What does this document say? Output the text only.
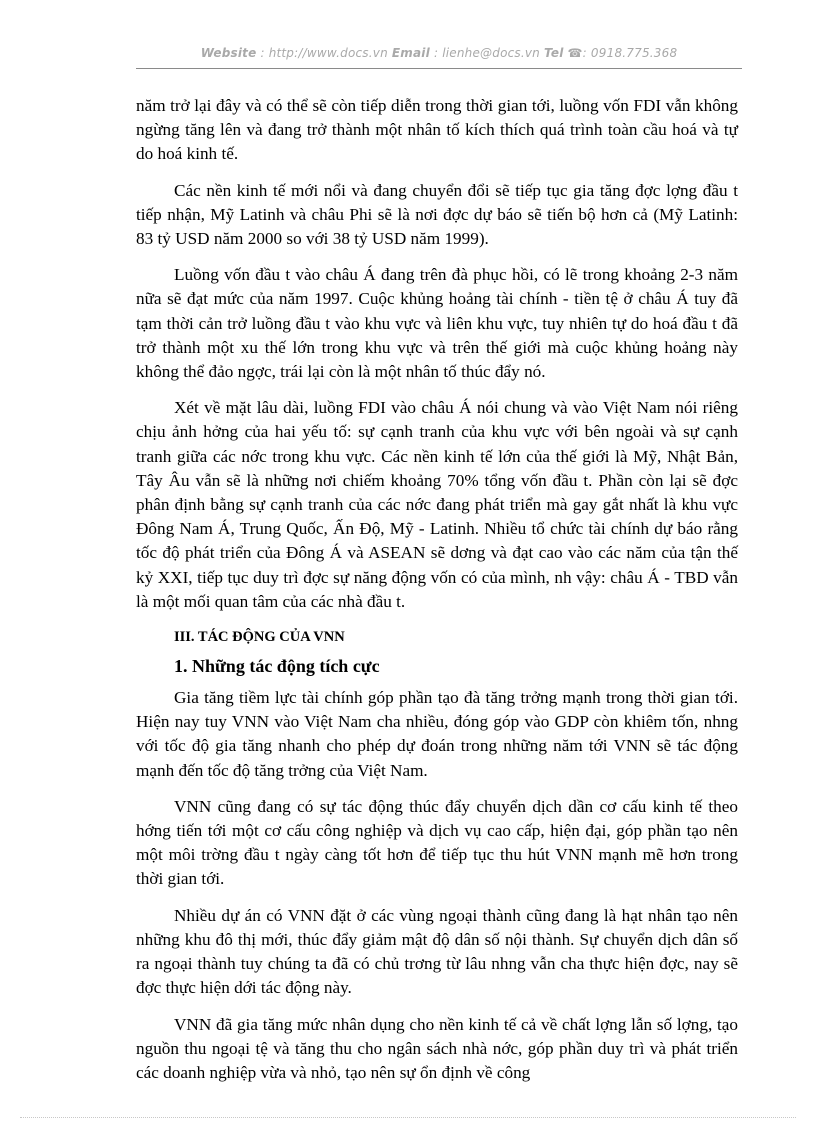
Website : http://www.docs.vn Email : lienhe@docs.vn Tel ☎: 0918.775.368

năm trở lại đây và có thể sẽ còn tiếp diễn trong thời gian tới, luồng vốn FDI vẫn không ngừng tăng lên và đang trở thành một nhân tố kích thích quá trình toàn cầu hoá và tự do hoá kinh tế.

Các nền kinh tế mới nổi và đang chuyển đổi sẽ tiếp tục gia tăng đợc lợng đầu t tiếp nhận, Mỹ Latinh và châu Phi sẽ là nơi đợc dự báo sẽ tiến bộ hơn cả (Mỹ Latinh: 83 tỷ USD năm 2000 so với 38 tỷ USD năm 1999).

Luồng vốn đầu t vào châu Á đang trên đà phục hồi, có lẽ trong khoảng 2-3 năm nữa sẽ đạt mức của năm 1997. Cuộc khủng hoảng tài chính - tiền tệ ở châu Á tuy đã tạm thời cản trở luồng đầu t vào khu vực và liên khu vực, tuy nhiên tự do hoá đầu t đã trở thành một xu thế lớn trong khu vực và trên thế giới mà cuộc khủng hoảng này không thể đảo ngợc, trái lại còn là một nhân tố thúc đẩy nó.

Xét về mặt lâu dài, luồng FDI vào châu Á nói chung và vào Việt Nam nói riêng chịu ảnh hởng của hai yếu tố: sự cạnh tranh của khu vực với bên ngoài và sự cạnh tranh giữa các nớc trong khu vực. Các nền kinh tế lớn của thế giới là Mỹ, Nhật Bản, Tây Âu vẫn sẽ là những nơi chiếm khoảng 70% tổng vốn đầu t. Phần còn lại sẽ đợc phân định bằng sự cạnh tranh của các nớc đang phát triển mà gay gắt nhất là khu vực Đông Nam Á, Trung Quốc, Ấn Độ, Mỹ - Latinh. Nhiều tổ chức tài chính dự báo rằng tốc độ phát triển của Đông Á và ASEAN sẽ dơng và đạt cao vào các năm của tận thế kỷ XXI, tiếp tục duy trì đợc sự năng động vốn có của mình, nh vậy: châu Á - TBD vẫn là một mối quan tâm của các nhà đầu t.

III. TÁC ĐỘNG CỦA VNN
1. Những tác động tích cực

Gia tăng tiềm lực tài chính góp phần tạo đà tăng trởng mạnh trong thời gian tới. Hiện nay tuy VNN vào Việt Nam cha nhiều, đóng góp vào GDP còn khiêm tốn, nhng với tốc độ gia tăng nhanh cho phép dự đoán trong những năm tới VNN sẽ tác động mạnh đến tốc độ tăng trởng của Việt Nam.

VNN cũng đang có sự tác động thúc đẩy chuyển dịch dần cơ cấu kinh tế theo hớng tiến tới một cơ cấu công nghiệp và dịch vụ cao cấp, hiện đại, góp phần tạo nên một môi trờng đầu t ngày càng tốt hơn để tiếp tục thu hút VNN mạnh mẽ hơn trong thời gian tới.

Nhiều dự án có VNN đặt ở các vùng ngoại thành cũng đang là hạt nhân tạo nên những khu đô thị mới, thúc đẩy giảm mật độ dân số nội thành. Sự chuyển dịch dân số ra ngoại thành tuy chúng ta đã có chủ trơng từ lâu nhng vẫn cha thực hiện đợc, nay sẽ đợc thực hiện dới tác động này.

VNN đã gia tăng mức nhân dụng cho nền kinh tế cả về chất lợng lẫn số lợng, tạo nguồn thu ngoại tệ và tăng thu cho ngân sách nhà nớc, góp phần duy trì và phát triển các doanh nghiệp vừa và nhỏ, tạo nên sự ổn định về công
